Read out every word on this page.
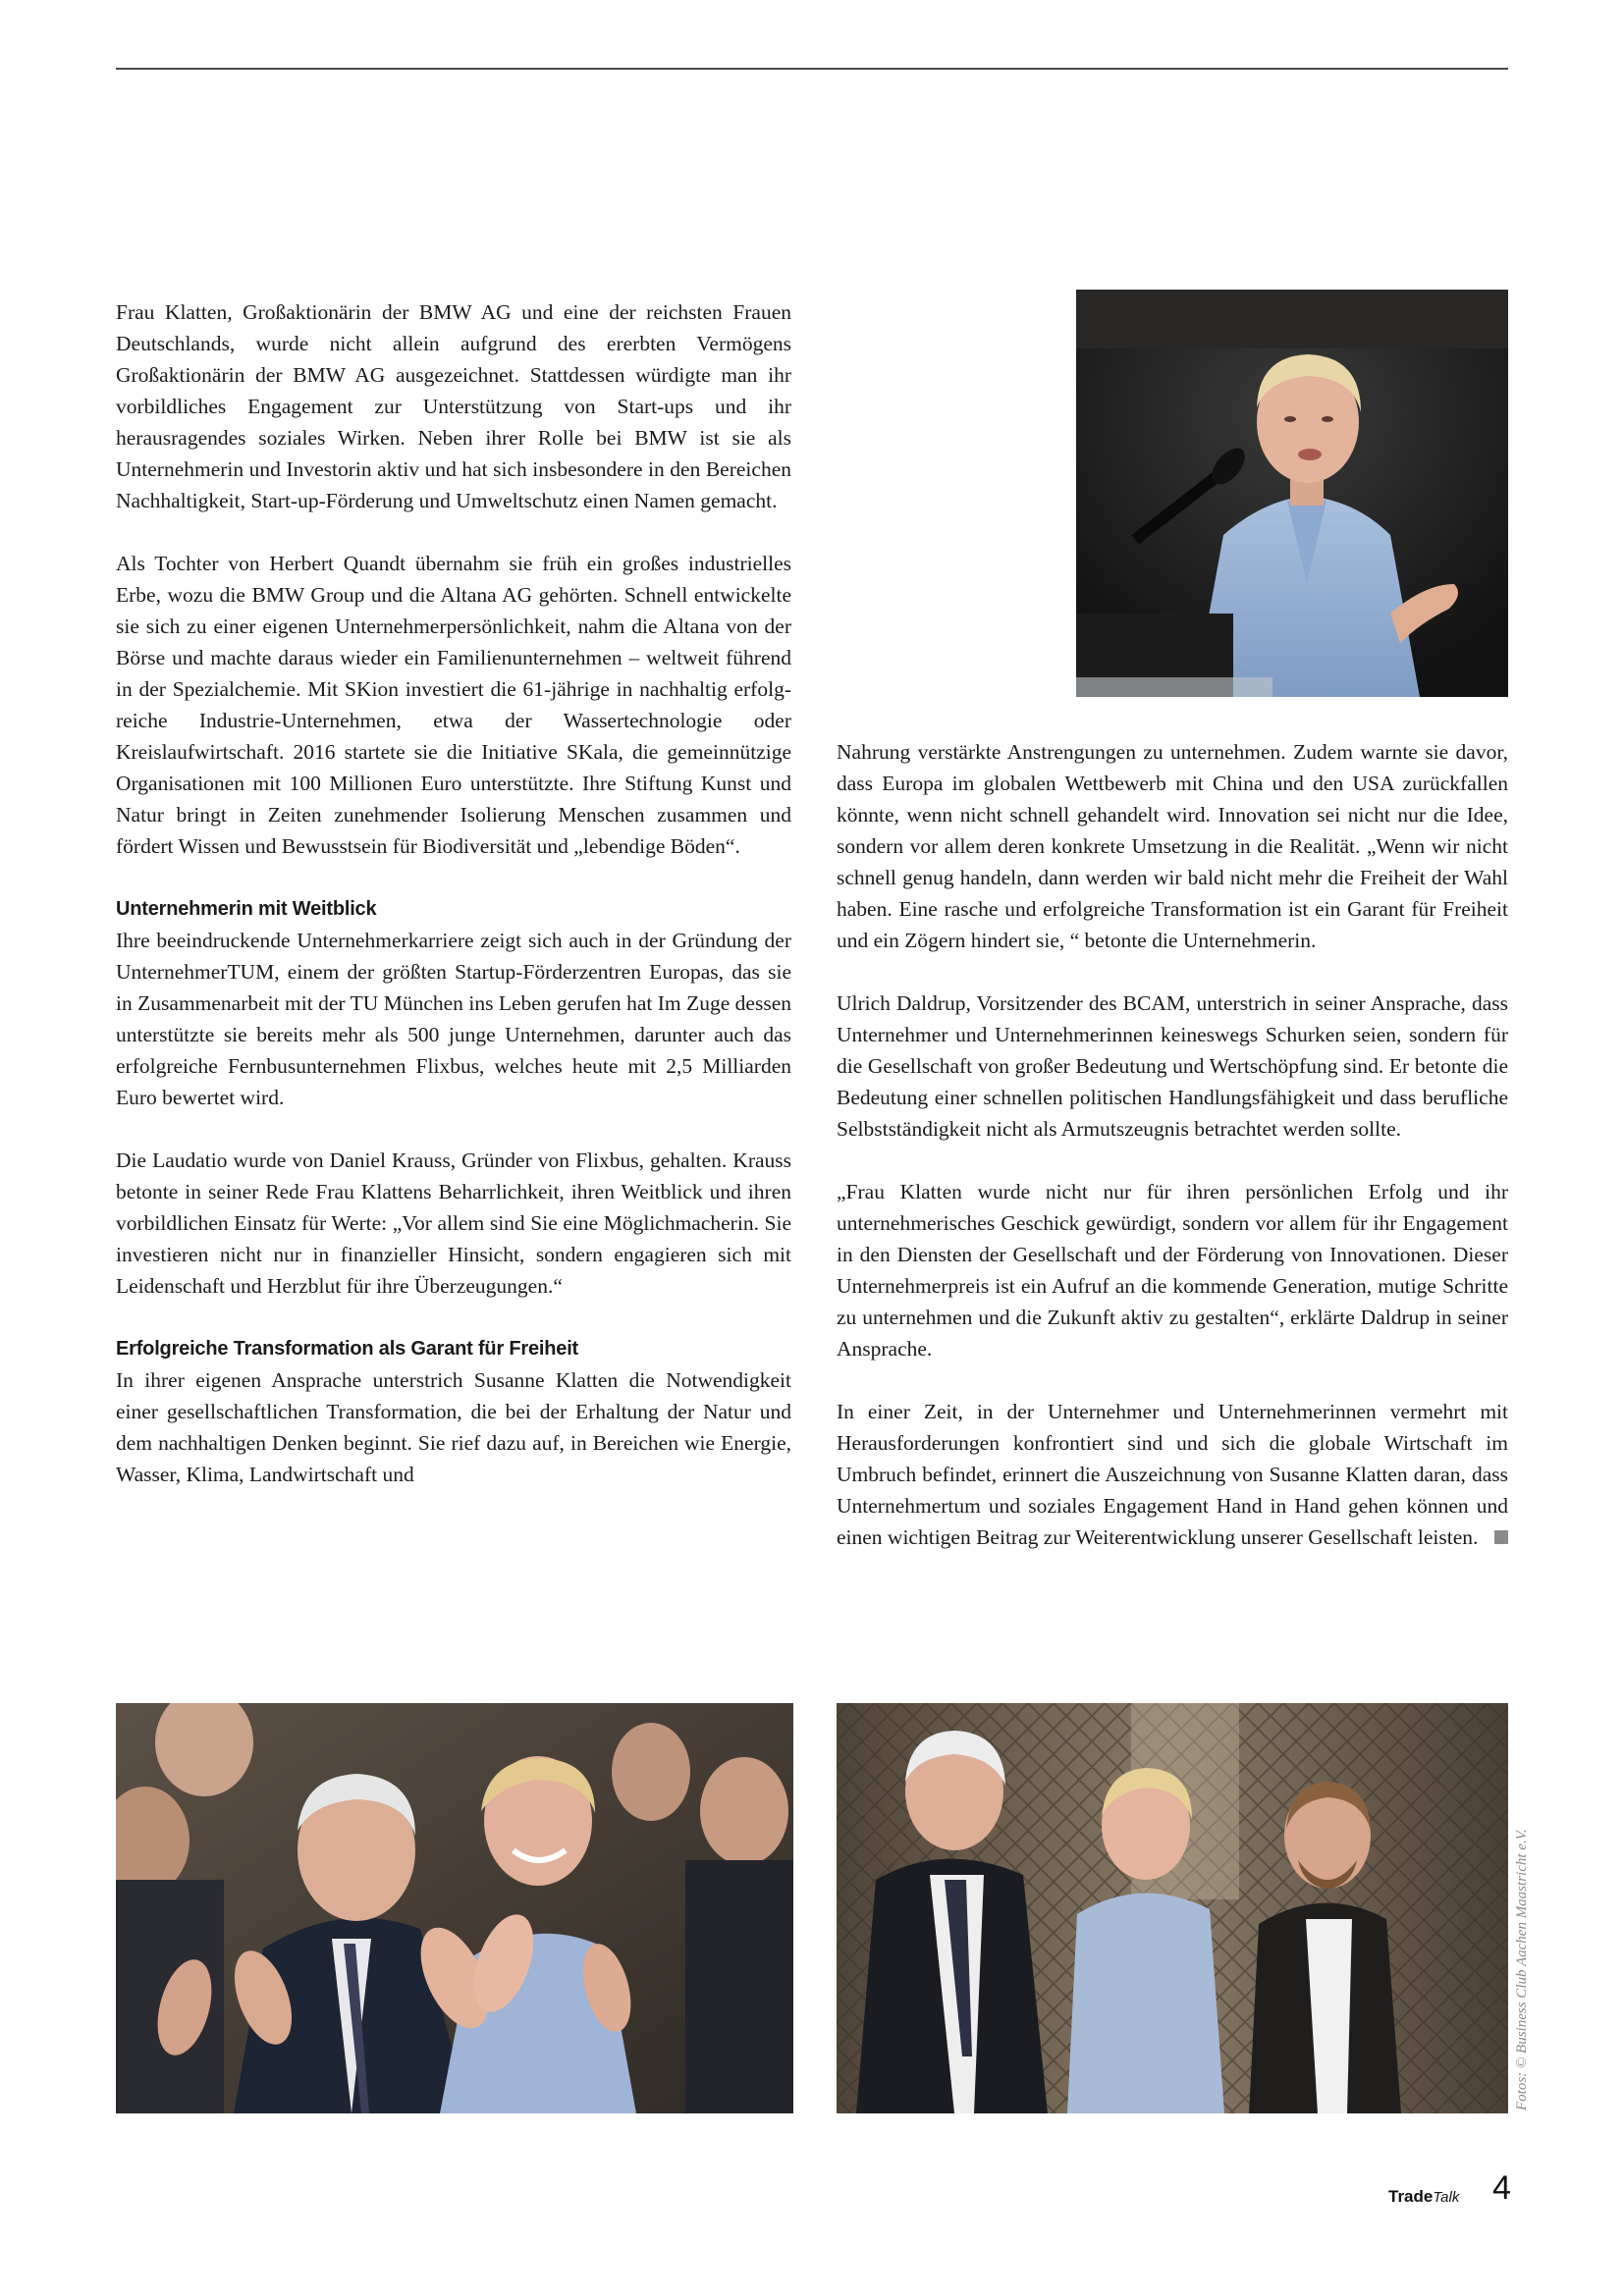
Frau Klatten, Großaktionärin der BMW AG und eine der reichsten Frauen Deutschlands, wurde nicht allein aufgrund des ererbten Vermögens Großaktionärin der BMW AG ausgezeichnet. Stattdessen würdigte man ihr vorbildliches Engagement zur Unterstützung von Start-ups und ihr herausragendes soziales Wirken. Neben ihrer Rolle bei BMW ist sie als Unternehmerin und Investorin aktiv und hat sich insbesondere in den Bereichen Nachhaltigkeit, Start-up-Förderung und Umweltschutz einen Namen gemacht.

Als Tochter von Herbert Quandt übernahm sie früh ein großes industrielles Erbe, wozu die BMW Group und die Altana AG gehörten. Schnell entwickelte sie sich zu einer eigenen Unternehmerpersönlichkeit, nahm die Altana von der Börse und machte daraus wieder ein Familienunternehmen – weltweit führend in der Spezialchemie. Mit SKion investiert die 61-jährige in nachhaltig erfolgreiche Industrie-Unternehmen, etwa der Wassertechnologie oder Kreislaufwirtschaft. 2016 startete sie die Initiative SKala, die gemeinnützige Organisationen mit 100 Millionen Euro unterstützte. Ihre Stiftung Kunst und Natur bringt in Zeiten zunehmender Isolierung Menschen zusammen und fördert Wissen und Bewusstsein für Biodiversität und „lebendige Böden“.

Unternehmerin mit Weitblick

Ihre beeindruckende Unternehmerkarriere zeigt sich auch in der Gründung der UnternehmerTUM, einem der größten Startup-Förderzentren Europas, das sie in Zusammenarbeit mit der TU München ins Leben gerufen hat Im Zuge dessen unterstützte sie bereits mehr als 500 junge Unternehmen, darunter auch das erfolgreiche Fernbusunternehmen Flixbus, welches heute mit 2,5 Milliarden Euro bewertet wird.

Die Laudatio wurde von Daniel Krauss, Gründer von Flixbus, gehalten. Krauss betonte in seiner Rede Frau Klattens Beharrlichkeit, ihren Weitblick und ihren vorbildlichen Einsatz für Werte: „Vor allem sind Sie eine Möglichmacherin. Sie investieren nicht nur in finanzieller Hinsicht, sondern engagieren sich mit Leidenschaft und Herzblut für ihre Überzeugungen.“

Erfolgreiche Transformation als Garant für Freiheit

In ihrer eigenen Ansprache unterstrich Susanne Klatten die Notwendigkeit einer gesellschaftlichen Transformation, die bei der Erhaltung der Natur und dem nachhaltigen Denken beginnt. Sie rief dazu auf, in Bereichen wie Energie, Wasser, Klima, Landwirtschaft und

Nahrung verstärkte Anstrengungen zu unternehmen. Zudem warnte sie davor, dass Europa im globalen Wettbewerb mit China und den USA zurückfallen könnte, wenn nicht schnell gehandelt wird. Innovation sei nicht nur die Idee, sondern vor allem deren konkrete Umsetzung in die Realität. „Wenn wir nicht schnell genug handeln, dann werden wir bald nicht mehr die Freiheit der Wahl haben. Eine rasche und erfolgreiche Transformation ist ein Garant für Freiheit und ein Zögern hindert sie, “ betonte die Unternehmerin.

Ulrich Daldrup, Vorsitzender des BCAM, unterstrich in seiner Ansprache, dass Unternehmer und Unternehmerinnen keineswegs Schurken seien, sondern für die Gesellschaft von großer Bedeutung und Wertschöpfung sind. Er betonte die Bedeutung einer schnellen politischen Handlungsfähigkeit und dass berufliche Selbstständigkeit nicht als Armutszeugnis betrachtet werden sollte.

„Frau Klatten wurde nicht nur für ihren persönlichen Erfolg und ihr unternehmerisches Geschick gewürdigt, sondern vor allem für ihr Engagement in den Diensten der Gesellschaft und der Förderung von Innovationen. Dieser Unternehmerpreis ist ein Aufruf an die kommende Generation, mutige Schritte zu unternehmen und die Zukunft aktiv zu gestalten“, erklärte Daldrup in seiner Ansprache.

In einer Zeit, in der Unternehmer und Unternehmerinnen vermehrt mit Herausforderungen konfrontiert sind und sich die globale Wirtschaft im Umbruch befindet, erinnert die Auszeichnung von Susanne Klatten daran, dass Unternehmertum und soziales Engagement Hand in Hand gehen können und einen wichtigen Beitrag zur Weiterentwicklung unserer Gesellschaft leisten.

Fotos: © Business Club Aachen Maastricht e.V.
TradeTalk 4
